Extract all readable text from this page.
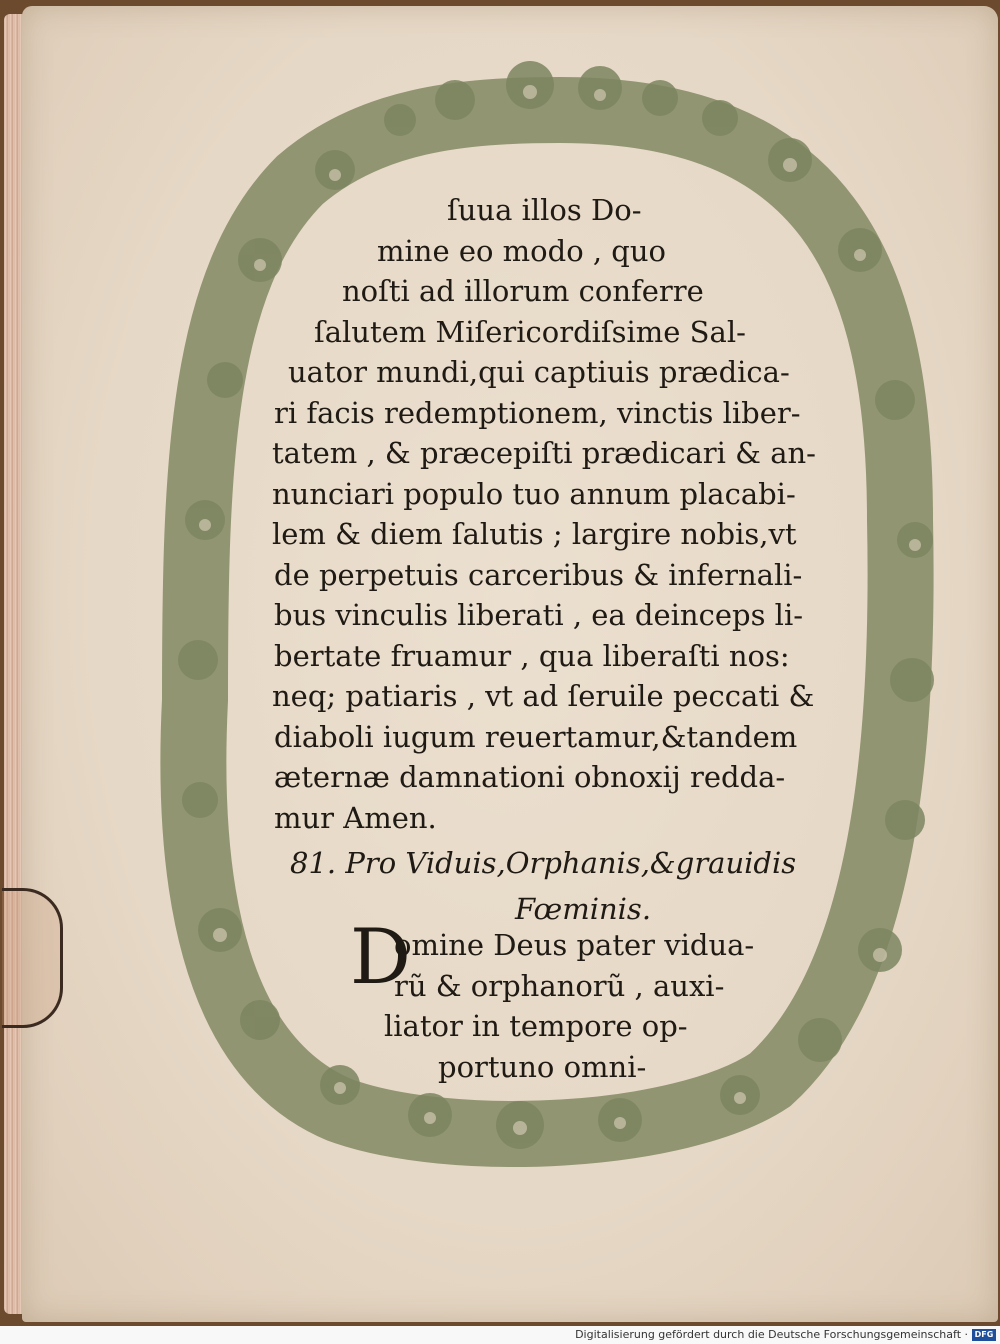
ſuua illos Do-
mine eo modo , quo
noſti ad illorum conferre
ſalutem Miſericordiſsime Sal-
uator mundi,qui captiuis prædica-
ri facis redemptionem, vinctis liber-
tatem , & præcepiſti prædicari & an-
nunciari populo tuo annum placabi-
lem & diem ſalutis ; largire nobis,vt
de perpetuis carceribus & infernali-
bus vinculis liberati , ea deinceps li-
bertate fruamur , qua liberaſti nos:
neq; patiaris , vt ad ſeruile peccati &
diaboli iugum reuertamur,&tandem
æternæ damnationi obnoxij redda-
mur Amen.
81. Pro Viduis,Orphanis,&grauidis
Fœminis.
D
omine Deus pater vidua-
rũ & orphanorũ , auxi-
liator in tempore op-
portuno omni-
Digitalisierung gefördert durch die Deutsche Forschungsgemeinschaft · DFG
